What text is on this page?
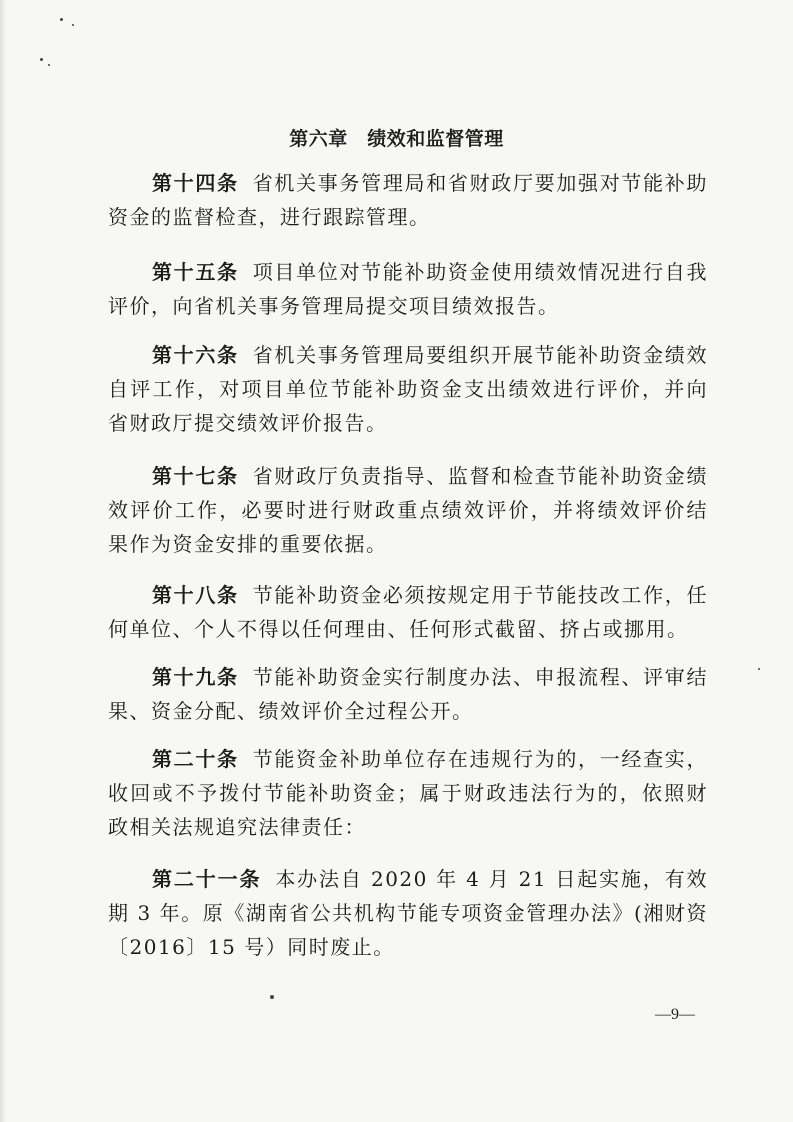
第六章　绩效和监督管理

第十四条 省机关事务管理局和省财政厅要加强对节能补助资金的监督检查，进行跟踪管理。

第十五条 项目单位对节能补助资金使用绩效情况进行自我评价，向省机关事务管理局提交项目绩效报告。

第十六条 省机关事务管理局要组织开展节能补助资金绩效自评工作，对项目单位节能补助资金支出绩效进行评价，并向省财政厅提交绩效评价报告。

第十七条 省财政厅负责指导、监督和检查节能补助资金绩效评价工作，必要时进行财政重点绩效评价，并将绩效评价结果作为资金安排的重要依据。

第十八条 节能补助资金必须按规定用于节能技改工作，任何单位、个人不得以任何理由、任何形式截留、挤占或挪用。

第十九条 节能补助资金实行制度办法、申报流程、评审结果、资金分配、绩效评价全过程公开。

第二十条 节能资金补助单位存在违规行为的，一经查实，收回或不予拨付节能补助资金；属于财政违法行为的，依照财政相关法规追究法律责任：

第二十一条 本办法自 2020 年 4 月 21 日起实施，有效期 3 年。原《湖南省公共机构节能专项资金管理办法》(湘财资〔2016〕15 号）同时废止。

—9—
